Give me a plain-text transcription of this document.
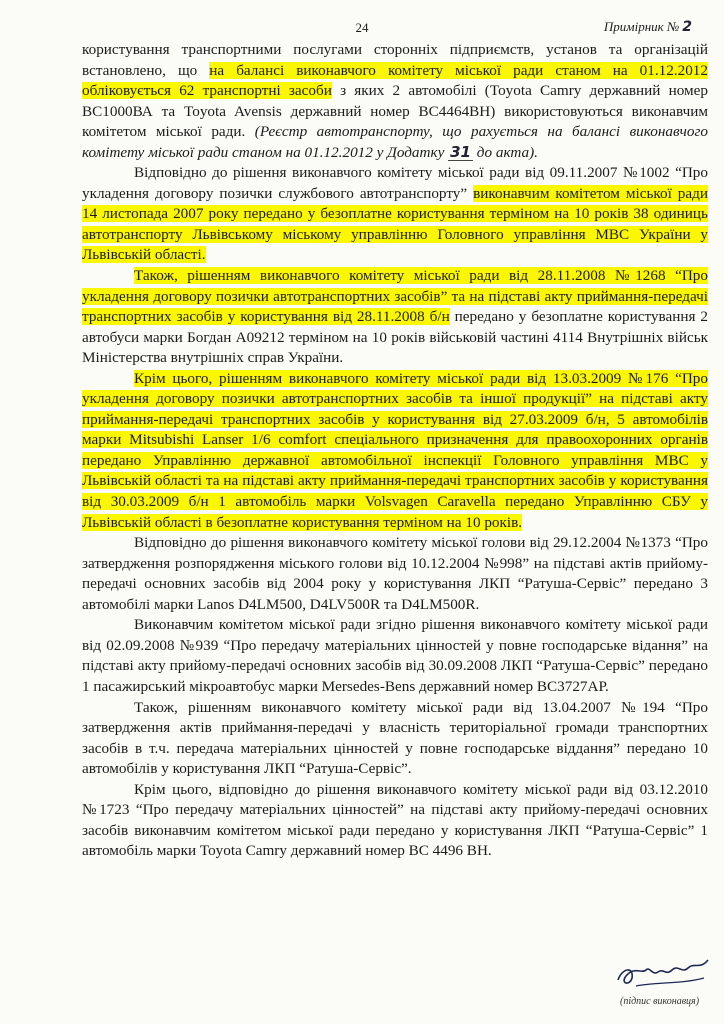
24	Примірник № 2

користування транспортними послугами сторонніх підприємств, установ та організацій встановлено, що на балансі виконавчого комітету міської ради станом на 01.12.2012 обліковується 62 транспортні засоби з яких 2 автомобілі (Toyota Camry державний номер ВС1000ВА та Toyota Avensis державний номер ВС4464ВН) використовуються виконавчим комітетом міської ради. (Реєстр автотранспорту, що рахується на балансі виконавчого комітету міської ради станом на 01.12.2012 у Додатку 31 до акта).

Відповідно до рішення виконавчого комітету міської ради від 09.11.2007 №1002 “Про укладення договору позички службового автотранспорту” виконавчим комітетом міської ради 14 листопада 2007 року передано у безоплатне користування терміном на 10 років 38 одиниць автотранспорту Львівському міському управлінню Головного управління МВС України у Львівській області.

Також, рішенням виконавчого комітету міської ради від 28.11.2008 №1268 “Про укладення договору позички автотранспортних засобів” та на підставі акту приймання-передачі транспортних засобів у користування від 28.11.2008 б/н передано у безоплатне користування 2 автобуси марки Богдан А09212 терміном на 10 років військовій частині 4114 Внутрішніх військ Міністерства внутрішніх справ України.

Крім цього, рішенням виконавчого комітету міської ради від 13.03.2009 №176 “Про укладення договору позички автотранспортних засобів та іншої продукції” на підставі акту приймання-передачі транспортних засобів у користування від 27.03.2009 б/н, 5 автомобілів марки Mitsubishi Lanser 1/6 comfort спеціального призначення для правоохоронних органів передано Управлінню державної автомобільної інспекції Головного управління МВС у Львівській області та на підставі акту приймання-передачі транспортних засобів у користування від 30.03.2009 б/н 1 автомобіль марки Volsvagen Caravella передано Управлінню СБУ у Львівській області в безоплатне користування терміном на 10 років.

Відповідно до рішення виконавчого комітету міської голови від 29.12.2004 №1373 “Про затвердження розпорядження міського голови від 10.12.2004 №998” на підставі актів прийому-передачі основних засобів від 2004 року у користування ЛКП “Ратуша-Сервіс” передано 3 автомобілі марки Lanos D4LM500, D4LV500R та D4LM500R.

Виконавчим комітетом міської ради згідно рішення виконавчого комітету міської ради від 02.09.2008 №939 “Про передачу матеріальних цінностей у повне господарське відання” на підставі акту прийому-передачі основних засобів від 30.09.2008 ЛКП “Ратуша-Сервіс” передано 1 пасажирський мікроавтобус марки Mersedes-Bens державний номер ВС3727АР.

Також, рішенням виконавчого комітету міської ради від 13.04.2007 №194 “Про затвердження актів приймання-передачі у власність територіальної громади транспортних засобів в т.ч. передача матеріальних цінностей у повне господарське віддання” передано 10 автомобілів у користування ЛКП “Ратуша-Сервіс”.

Крім цього, відповідно до рішення виконавчого комітету міської ради від 03.12.2010 №1723 “Про передачу матеріальних цінностей” на підставі акту прийому-передачі основних засобів виконавчим комітетом міської ради передано у користування ЛКП “Ратуша-Сервіс” 1 автомобіль марки Toyota Camry державний номер ВС 4496 ВН.

(підпис виконавця)
